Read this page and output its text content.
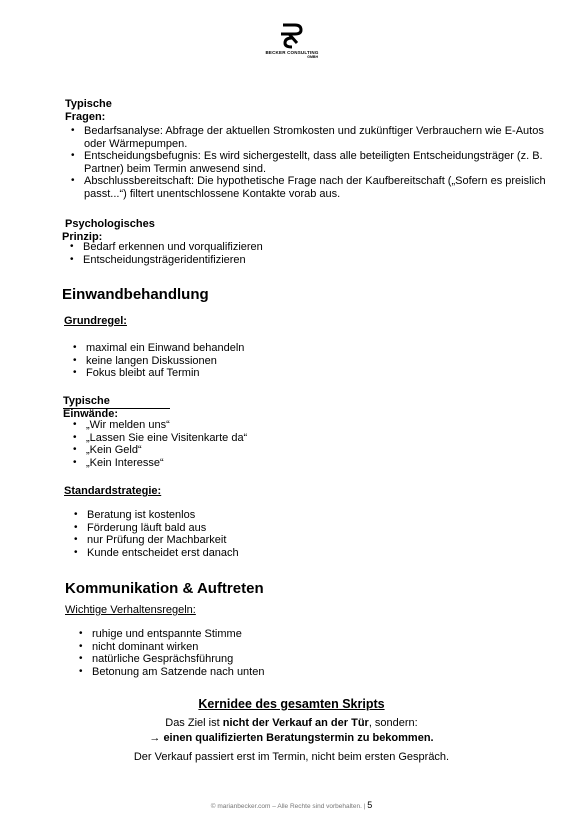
BECKER CONSULTING
GMBH
Typische
Fragen:
• Bedarfsanalyse: Abfrage der aktuellen Stromkosten und zukünftiger Verbrauchern wie E-Autos oder Wärmepumpen.
• Entscheidungsbefugnis: Es wird sichergestellt, dass alle beteiligten Entscheidungsträger (z. B. Partner) beim Termin anwesend sind.
• Abschlussbereitschaft: Die hypothetische Frage nach der Kaufbereitschaft („Sofern es preislich passt...“) filtert unentschlossene Kontakte vorab aus.
Psychologisches
Prinzip:
• Bedarf erkennen und vorqualifizieren
• Entscheidungsträgeridentifizieren
Einwandbehandlung
Grundregel:
• maximal ein Einwand behandeln
• keine langen Diskussionen
• Fokus bleibt auf Termin
Typische
Einwände:
• „Wir melden uns“
• „Lassen Sie eine Visitenkarte da“
• „Kein Geld“
• „Kein Interesse“
Standardstrategie:
• Beratung ist kostenlos
• Förderung läuft bald aus
• nur Prüfung der Machbarkeit
• Kunde entscheidet erst danach
Kommunikation & Auftreten
Wichtige Verhaltensregeln:
• ruhige und entspannte Stimme
• nicht dominant wirken
• natürliche Gesprächsführung
• Betonung am Satzende nach unten
Kernidee des gesamten Skripts
Das Ziel ist nicht der Verkauf an der Tür, sondern:
→ einen qualifizierten Beratungstermin zu bekommen.
Der Verkauf passiert erst im Termin, nicht beim ersten Gespräch.
© marianbecker.com – Alle Rechte sind vorbehalten. | 5
